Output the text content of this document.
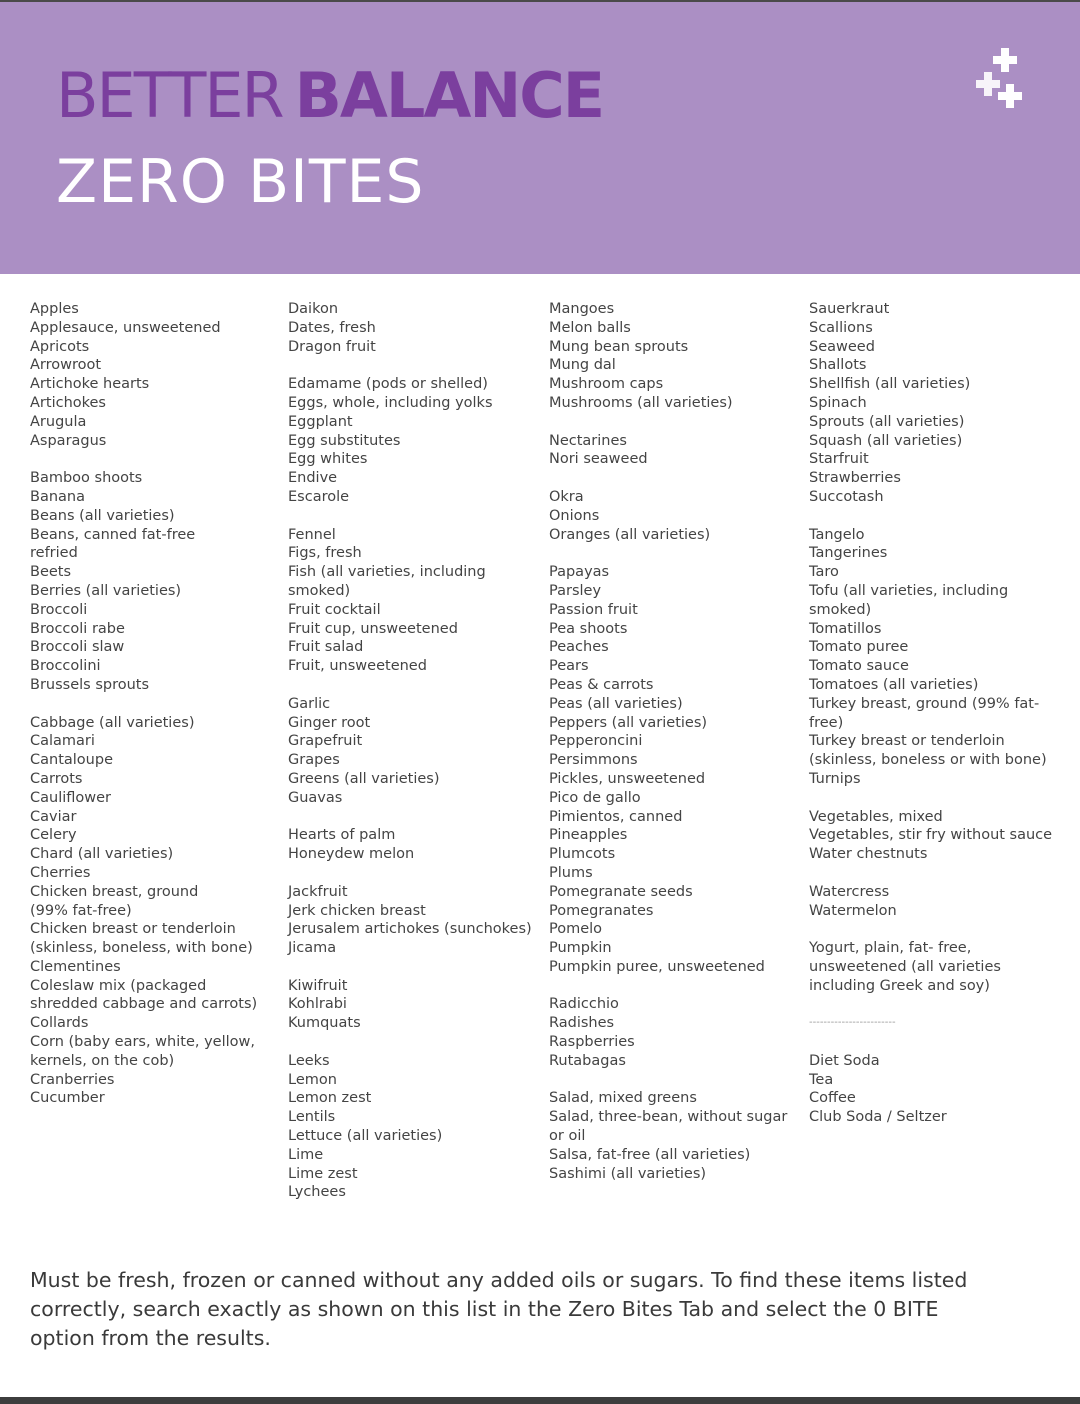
BETTER BALANCE
ZERO BITES
Apples
Applesauce, unsweetened
Apricots
Arrowroot
Artichoke hearts
Artichokes
Arugula
Asparagus
Bamboo shoots
Banana
Beans (all varieties)
Beans, canned fat-free
refried
Beets
Berries (all varieties)
Broccoli
Broccoli rabe
Broccoli slaw
Broccolini
Brussels sprouts
Cabbage (all varieties)
Calamari
Cantaloupe
Carrots
Cauliflower
Caviar
Celery
Chard (all varieties)
Cherries
Chicken breast, ground
(99% fat-free)
Chicken breast or tenderloin
(skinless, boneless, with bone)
Clementines
Coleslaw mix (packaged
shredded cabbage and carrots)
Collards
Corn (baby ears, white, yellow,
kernels, on the cob)
Cranberries
Cucumber
Daikon
Dates, fresh
Dragon fruit
Edamame (pods or shelled)
Eggs, whole, including yolks
Eggplant
Egg substitutes
Egg whites
Endive
Escarole
Fennel
Figs, fresh
Fish (all varieties, including
smoked)
Fruit cocktail
Fruit cup, unsweetened
Fruit salad
Fruit, unsweetened
Garlic
Ginger root
Grapefruit
Grapes
Greens (all varieties)
Guavas
Hearts of palm
Honeydew melon
Jackfruit
Jerk chicken breast
Jerusalem artichokes (sunchokes)
Jicama
Kiwifruit
Kohlrabi
Kumquats
Leeks
Lemon
Lemon zest
Lentils
Lettuce (all varieties)
Lime
Lime zest
Lychees
Mangoes
Melon balls
Mung bean sprouts
Mung dal
Mushroom caps
Mushrooms (all varieties)
Nectarines
Nori seaweed
Okra
Onions
Oranges (all varieties)
Papayas
Parsley
Passion fruit
Pea shoots
Peaches
Pears
Peas & carrots
Peas (all varieties)
Peppers (all varieties)
Pepperoncini
Persimmons
Pickles, unsweetened
Pico de gallo
Pimientos, canned
Pineapples
Plumcots
Plums
Pomegranate seeds
Pomegranates
Pomelo
Pumpkin
Pumpkin puree, unsweetened
Radicchio
Radishes
Raspberries
Rutabagas
Salad, mixed greens
Salad, three-bean, without sugar
or oil
Salsa, fat-free (all varieties)
Sashimi (all varieties)
Sauerkraut
Scallions
Seaweed
Shallots
Shellfish (all varieties)
Spinach
Sprouts (all varieties)
Squash (all varieties)
Starfruit
Strawberries
Succotash
Tangelo
Tangerines
Taro
Tofu (all varieties, including
smoked)
Tomatillos
Tomato puree
Tomato sauce
Tomatoes (all varieties)
Turkey breast, ground (99% fat-
free)
Turkey breast or tenderloin
(skinless, boneless or with bone)
Turnips
Vegetables, mixed
Vegetables, stir fry without sauce
Water chestnuts
Watercress
Watermelon
Yogurt, plain, fat- free,
unsweetened (all varieties
including Greek and soy)
------------------------
Diet Soda
Tea
Coffee
Club Soda / Seltzer
Must be fresh, frozen or canned without any added oils or sugars. To find these items listed correctly, search exactly as shown on this list in the Zero Bites Tab and select the 0 BITE option from the results.
